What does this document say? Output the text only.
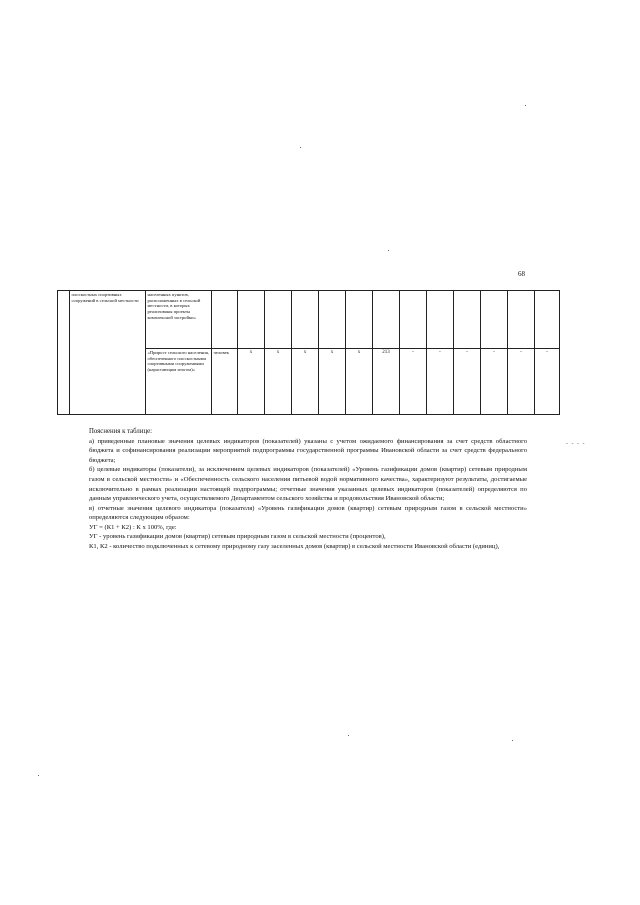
68
	плоскостных спортивных сооружений в сельской местности	населенных пунктов, расположенных в сельской местности, в которых реализованы проекты комплексной застройки»													
		«Прирост сельского населения, обеспеченного плоскостными спортивными сооружениями (нарастающим итогом)»	человек	x	x	x	x	x	213	-	-	-	-	-	-

Пояснения к таблице:

а) приведенные плановые значения целевых индикаторов (показателей) указаны с учетом ожидаемого финансирования за счет средств областного бюджета и софинансирования реализации мероприятий подпрограммы государственной программы Ивановской области за счет средств федерального бюджета;

б) целевые индикаторы (показатели), за исключением целевых индикаторов (показателей) «Уровень газификации домов (квартир) сетевым природным газом в сельской местности» и «Обеспеченность сельского населения питьевой водой нормативного качества», характеризуют результаты, достигаемые исключительно в рамках реализации настоящей подпрограммы; отчетные значения указанных целевых индикаторов (показателей) определяются по данным управленческого учета, осуществляемого Департаментом сельского хозяйства и продовольствия Ивановской области;

в) отчетные значения целевого индикатора (показателя) «Уровень газификации домов (квартир) сетевым природным газом в сельской местности» определяются следующим образом:

УГ = (К1 + К2) : К х 100%, где:

УГ - уровень газификации домов (квартир) сетевым природным газом в сельской местности (процентов),

К1, К2 - количество подключенных к сетевому природному газу заселенных домов (квартир) в сельской местности Ивановской области (единиц),

- - - -
